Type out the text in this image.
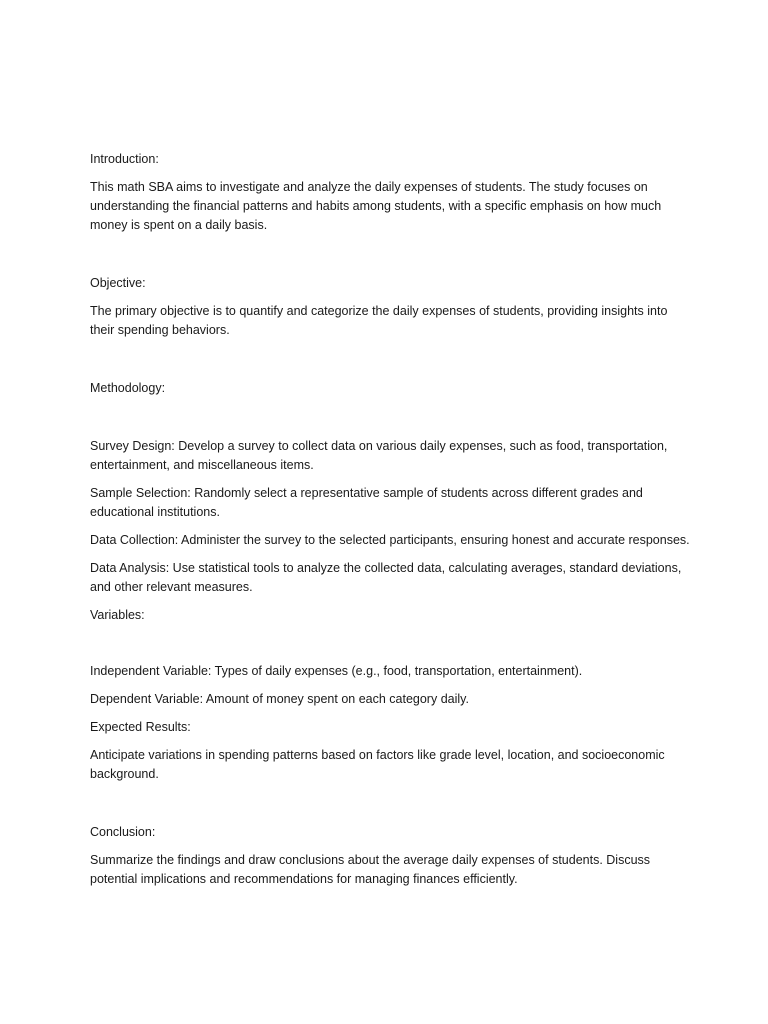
Introduction:

This math SBA aims to investigate and analyze the daily expenses of students. The study focuses on understanding the financial patterns and habits among students, with a specific emphasis on how much money is spent on a daily basis.

Objective:

The primary objective is to quantify and categorize the daily expenses of students, providing insights into their spending behaviors.

Methodology:

Survey Design: Develop a survey to collect data on various daily expenses, such as food, transportation, entertainment, and miscellaneous items.

Sample Selection: Randomly select a representative sample of students across different grades and educational institutions.

Data Collection: Administer the survey to the selected participants, ensuring honest and accurate responses.

Data Analysis: Use statistical tools to analyze the collected data, calculating averages, standard deviations, and other relevant measures.

Variables:

Independent Variable: Types of daily expenses (e.g., food, transportation, entertainment).

Dependent Variable: Amount of money spent on each category daily.

Expected Results:

Anticipate variations in spending patterns based on factors like grade level, location, and socioeconomic background.

Conclusion:

Summarize the findings and draw conclusions about the average daily expenses of students. Discuss potential implications and recommendations for managing finances efficiently.
